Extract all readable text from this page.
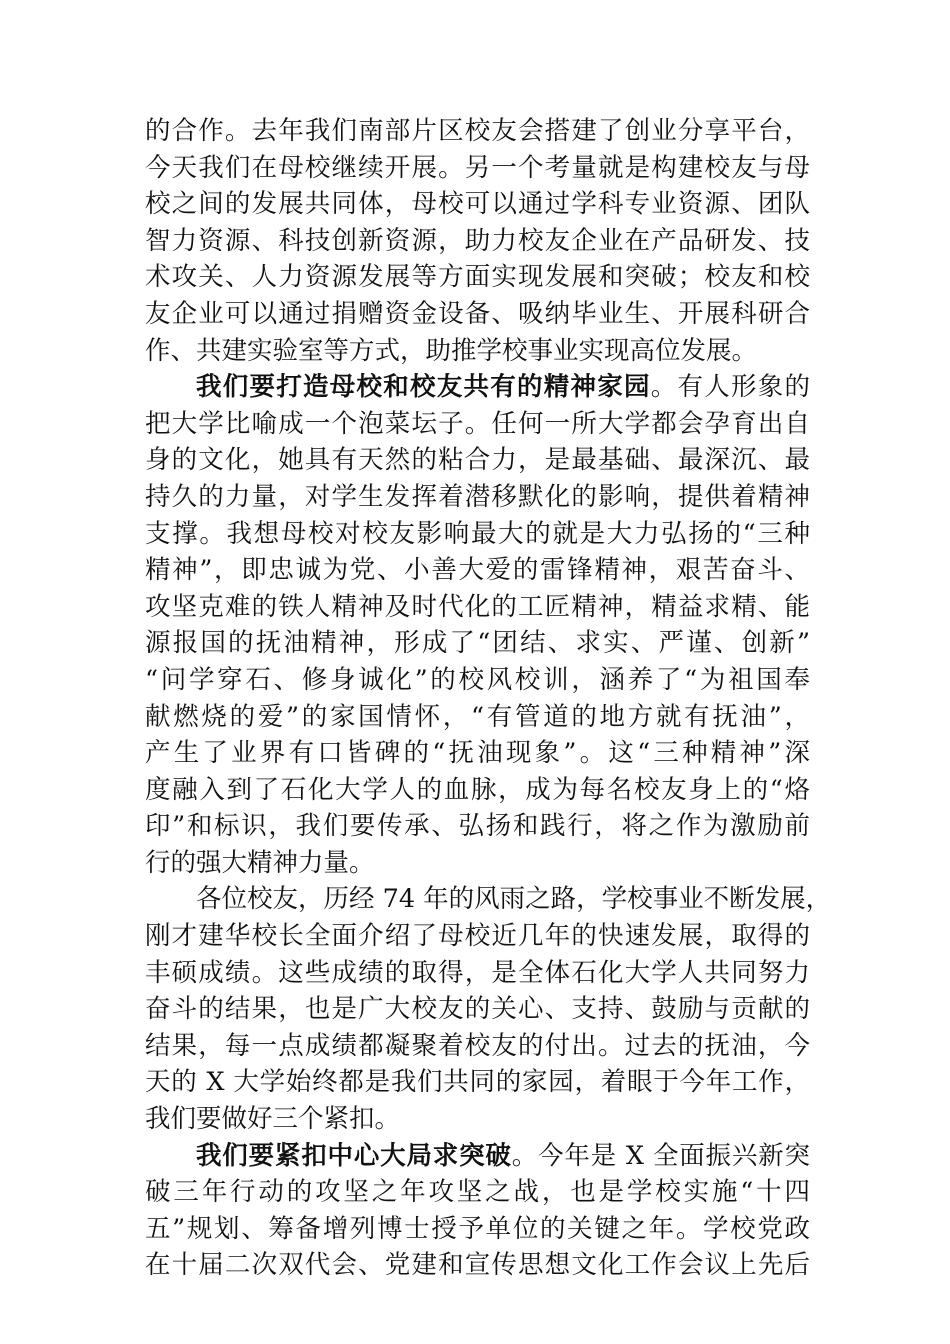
的合作。去年我们南部片区校友会搭建了创业分享平台，
今天我们在母校继续开展。另一个考量就是构建校友与母
校之间的发展共同体，母校可以通过学科专业资源、团队
智力资源、科技创新资源，助力校友企业在产品研发、技
术攻关、人力资源发展等方面实现发展和突破；校友和校
友企业可以通过捐赠资金设备、吸纳毕业生、开展科研合
作、共建实验室等方式，助推学校事业实现高位发展。
我们要打造母校和校友共有的精神家园。有人形象的
把大学比喻成一个泡菜坛子。任何一所大学都会孕育出自
身的文化，她具有天然的粘合力，是最基础、最深沉、最
持久的力量，对学生发挥着潜移默化的影响，提供着精神
支撑。我想母校对校友影响最大的就是大力弘扬的“三种
精神”，即忠诚为党、小善大爱的雷锋精神，艰苦奋斗、
攻坚克难的铁人精神及时代化的工匠精神，精益求精、能
源报国的抚油精神，形成了“团结、求实、严谨、创新”
“问学穿石、修身诚化”的校风校训，涵养了“为祖国奉
献燃烧的爱”的家国情怀，“有管道的地方就有抚油”，
产生了业界有口皆碑的“抚油现象”。这“三种精神”深
度融入到了石化大学人的血脉，成为每名校友身上的“烙
印”和标识，我们要传承、弘扬和践行，将之作为激励前
行的强大精神力量。
各位校友，历经 74 年的风雨之路，学校事业不断发展，
刚才建华校长全面介绍了母校近几年的快速发展，取得的
丰硕成绩。这些成绩的取得，是全体石化大学人共同努力
奋斗的结果，也是广大校友的关心、支持、鼓励与贡献的
结果，每一点成绩都凝聚着校友的付出。过去的抚油，今
天的 X 大学始终都是我们共同的家园，着眼于今年工作，
我们要做好三个紧扣。
我们要紧扣中心大局求突破。今年是 X 全面振兴新突
破三年行动的攻坚之年攻坚之战，也是学校实施“十四
五”规划、筹备增列博士授予单位的关键之年。学校党政
在十届二次双代会、党建和宣传思想文化工作会议上先后
